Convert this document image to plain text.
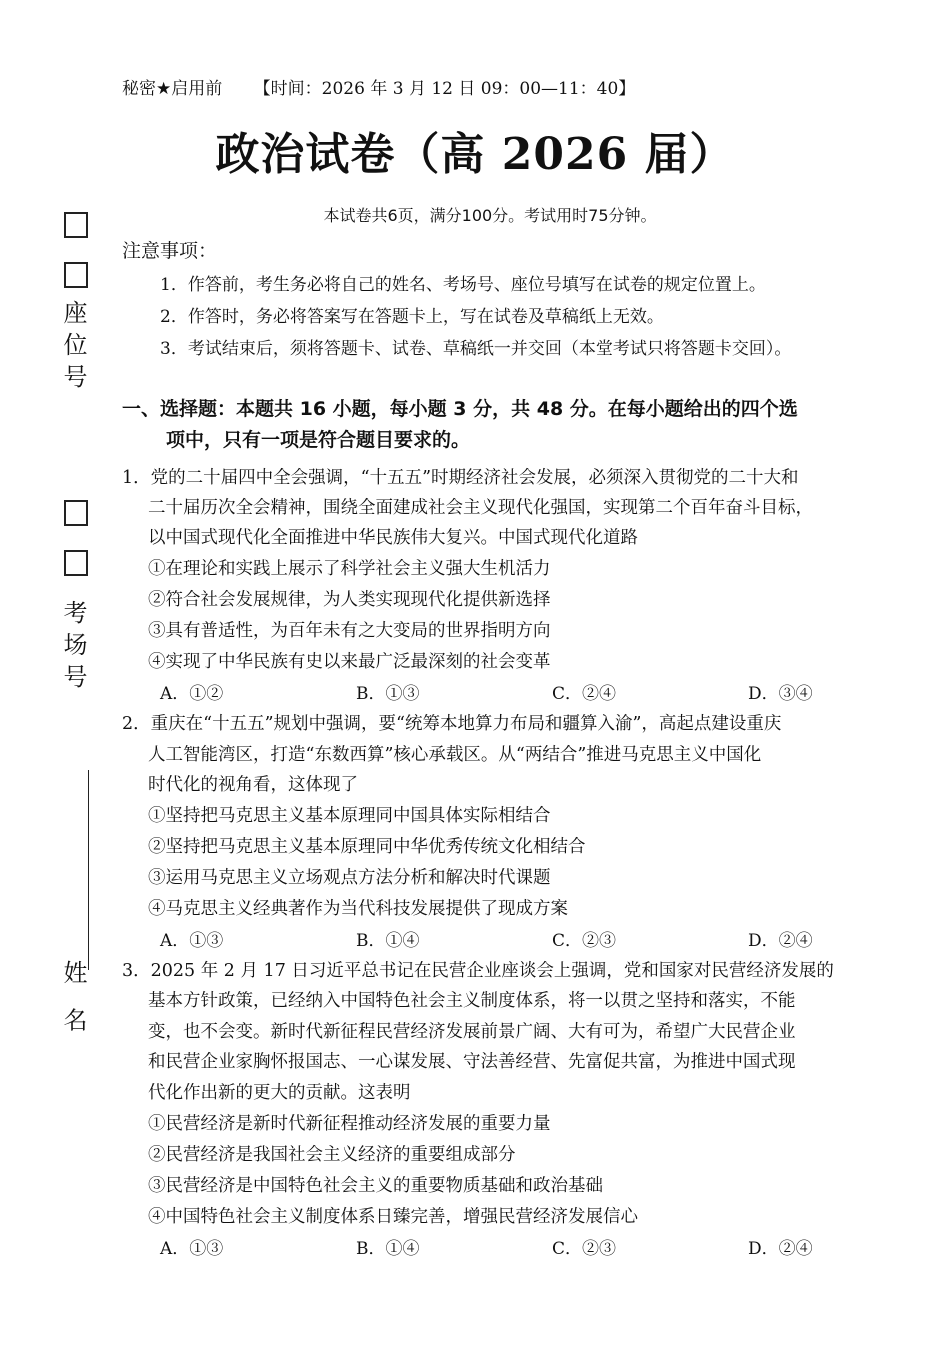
座位号
考场号
姓 名
秘密★启用前 【时间：2026 年 3 月 12 日 09：00—11：40】
政治试卷（高 2026 届）
本试卷共6页，满分100分。考试用时75分钟。
注意事项：
1．作答前，考生务必将自己的姓名、考场号、座位号填写在试卷的规定位置上。
2．作答时，务必将答案写在答题卡上，写在试卷及草稿纸上无效。
3．考试结束后，须将答题卡、试卷、草稿纸一并交回（本堂考试只将答题卡交回）。
一、选择题：本题共 16 小题，每小题 3 分，共 48 分。在每小题给出的四个选
项中，只有一项是符合题目要求的。
1．党的二十届四中全会强调，“十五五”时期经济社会发展，必须深入贯彻党的二十大和
二十届历次全会精神，围绕全面建成社会主义现代化强国，实现第二个百年奋斗目标，
以中国式现代化全面推进中华民族伟大复兴。中国式现代化道路
①在理论和实践上展示了科学社会主义强大生机活力
②符合社会发展规律，为人类实现现代化提供新选择
③具有普适性，为百年未有之大变局的世界指明方向
④实现了中华民族有史以来最广泛最深刻的社会变革
A．①②	B．①③	C．②④	D．③④
2．重庆在“十五五”规划中强调，要“统筹本地算力布局和疆算入渝”，高起点建设重庆
人工智能湾区，打造“东数西算”核心承载区。从“两结合”推进马克思主义中国化
时代化的视角看，这体现了
①坚持把马克思主义基本原理同中国具体实际相结合
②坚持把马克思主义基本原理同中华优秀传统文化相结合
③运用马克思主义立场观点方法分析和解决时代课题
④马克思主义经典著作为当代科技发展提供了现成方案
A．①③	B．①④	C．②③	D．②④
3．2025 年 2 月 17 日习近平总书记在民营企业座谈会上强调，党和国家对民营经济发展的
基本方针政策，已经纳入中国特色社会主义制度体系，将一以贯之坚持和落实，不能
变，也不会变。新时代新征程民营经济发展前景广阔、大有可为，希望广大民营企业
和民营企业家胸怀报国志、一心谋发展、守法善经营、先富促共富，为推进中国式现
代化作出新的更大的贡献。这表明
①民营经济是新时代新征程推动经济发展的重要力量
②民营经济是我国社会主义经济的重要组成部分
③民营经济是中国特色社会主义的重要物质基础和政治基础
④中国特色社会主义制度体系日臻完善，增强民营经济发展信心
A．①③	B．①④	C．②③	D．②④
